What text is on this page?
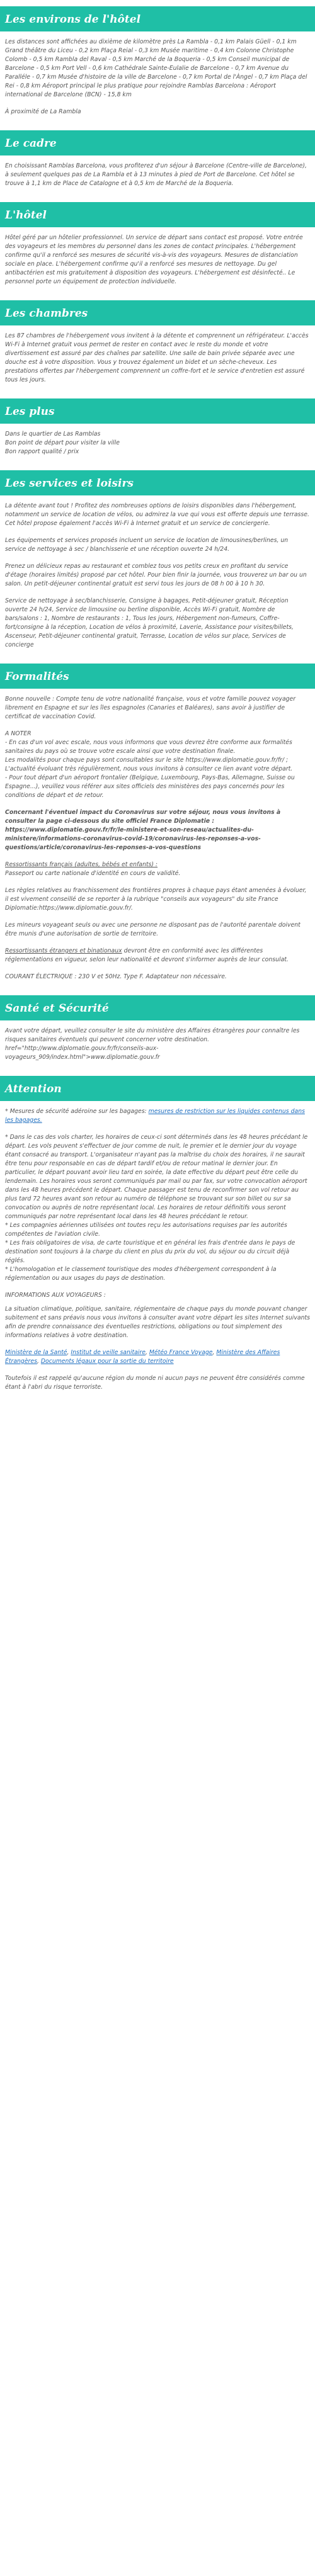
Les environs de l'hôtel

Les distances sont affichées au dixième de kilomètre près La Rambla - 0,1 km Palais Güell - 0,1 km Grand théâtre du Liceu - 0,2 km Plaça Reial - 0,3 km Musée maritime - 0,4 km Colonne Christophe Colomb - 0,5 km Rambla del Raval - 0,5 km Marché de la Boqueria - 0,5 km Conseil municipal de Barcelone - 0,5 km Port Vell - 0,6 km Cathédrale Sainte-Eulalie de Barcelone - 0,7 km Avenue du Paralléle - 0,7 km Musée d'histoire de la ville de Barcelone - 0,7 km Portal de l'Àngel - 0,7 km Plaça del Rei - 0,8 km Aéroport principal le plus pratique pour rejoindre Ramblas Barcelona : Aéroport international de Barcelone (BCN) - 15,8 km

À proximité de La Rambla

Le cadre

En choisissant Ramblas Barcelona, vous profiterez d'un séjour à Barcelone (Centre-ville de Barcelone), à seulement quelques pas de La Rambla et à 13 minutes à pied de Port de Barcelone. Cet hôtel se trouve à 1,1 km de Place de Catalogne et à 0,5 km de Marché de la Boqueria.

L'hôtel

Hôtel géré par un hôtelier professionnel. Un service de départ sans contact est proposé. Votre entrée des voyageurs et les membres du personnel dans les zones de contact principales. L'hébergement confirme qu'il a renforcé ses mesures de sécurité vis-à-vis des voyageurs. Mesures de distanciation sociale en place. L'hébergement confirme qu'il a renforcé ses mesures de nettoyage. Du gel antibactérien est mis gratuitement à disposition des voyageurs. L'hébergement est désinfecté.. Le personnel porte un équipement de protection individuelle.

Les chambres

Les 87 chambres de l'hébergement vous invitent à la détente et comprennent un réfrigérateur. L'accès Wi-Fi à Internet gratuit vous permet de rester en contact avec le reste du monde et votre divertissement est assuré par des chaînes par satellite. Une salle de bain privée séparée avec une douche est à votre disposition. Vous y trouvez également un bidet et un sèche-cheveux. Les prestations offertes par l'hébergement comprennent un coffre-fort et le service d'entretien est assuré tous les jours.

Les plus

Dans le quartier de Las Ramblas
Bon point de départ pour visiter la ville
Bon rapport qualité / prix

Les services et loisirs

La détente avant tout ! Profitez des nombreuses options de loisirs disponibles dans l'hébergement, notamment un service de location de vélos, ou admirez la vue qui vous est offerte depuis une terrasse. Cet hôtel propose également l'accès Wi-Fi à Internet gratuit et un service de conciergerie.

Les équipements et services proposés incluent un service de location de limousines/berlines, un service de nettoyage à sec / blanchisserie et une réception ouverte 24 h/24.

Prenez un délicieux repas au restaurant et comblez tous vos petits creux en profitant du service d'étage (horaires limités) proposé par cet hôtel. Pour bien finir la journée, vous trouverez un bar ou un salon. Un petit-déjeuner continental gratuit est servi tous les jours de 08 h 00 à 10 h 30.

Service de nettoyage à sec/blanchisserie, Consigne à bagages, Petit-déjeuner gratuit, Réception ouverte 24 h/24, Service de limousine ou berline disponible, Accès Wi-Fi gratuit, Nombre de bars/salons : 1, Nombre de restaurants : 1, Tous les jours, Hébergement non-fumeurs, Coffre-fort/consigne à la réception, Location de vélos à proximité, Laverie, Assistance pour visites/billets, Ascenseur, Petit-déjeuner continental gratuit, Terrasse, Location de vélos sur place, Services de concierge

Formalités

Bonne nouvelle : Compte tenu de votre nationalité française, vous et votre famille pouvez voyager librement en Espagne et sur les îles espagnoles (Canaries et Baléares), sans avoir à justifier de certificat de vaccination Covid.

A NOTER

- En cas d'un vol avec escale, nous vous informons que vous devrez être conforme aux formalités sanitaires du pays où se trouve votre escale ainsi que votre destination finale.
Les modalités pour chaque pays sont consultables sur le site https://www.diplomatie.gouv.fr/fr/ ; L'actualité évoluant très régulièrement, nous vous invitons à consulter ce lien avant votre départ.
- Pour tout départ d'un aéroport frontalier (Belgique, Luxembourg, Pays-Bas, Allemagne, Suisse ou Espagne...), veuillez vous référer aux sites officiels des ministères des pays concernés pour les conditions de départ et de retour.

Concernant l'éventuel impact du Coronavirus sur votre séjour, nous vous invitons à consulter la page ci-dessous du site officiel France Diplomatie : https://www.diplomatie.gouv.fr/fr/le-ministere-et-son-reseau/actualites-du-ministere/informations-coronavirus-covid-19/coronavirus-les-reponses-a-vos-questions/article/coronavirus-les-reponses-a-vos-questions

Ressortissants français (adultes, bébés et enfants) :

Passeport ou carte nationale d'identité en cours de validité.

Les règles relatives au franchissement des frontières propres à chaque pays étant amenées à évoluer, il est vivement conseillé de se reporter à la rubrique "conseils aux voyageurs" du site France Diplomatie:https://www.diplomatie.gouv.fr/.

Les mineurs voyageant seuls ou avec une personne ne disposant pas de l'autorité parentale doivent être munis d'une autorisation de sortie de territoire.

Ressortissants étrangers et binationaux devront être en conformité avec les différentes réglementations en vigueur, selon leur nationalité et devront s'informer auprès de leur consulat.

COURANT ÉLECTRIQUE : 230 V et 50Hz. Type F. Adaptateur non nécessaire.

Santé et Sécurité

Avant votre départ, veuillez consulter le site du ministère des Affaires étrangères pour connaître les risques sanitaires éventuels qui peuvent concerner votre destination. href="http://www.diplomatie.gouv.fr/fr/conseils-aux-voyageurs_909/index.html">www.diplomatie.gouv.fr

Attention

* Mesures de sécurité adéroine sur les bagages: mesures de restriction sur les liquides contenus dans les bagages.

* Dans le cas des vols charter, les horaires de ceux-ci sont déterminés dans les 48 heures précédant le départ. Les vols peuvent s'effectuer de jour comme de nuit, le premier et le dernier jour du voyage étant consacré au transport. L'organisateur n'ayant pas la maîtrise du choix des horaires, il ne saurait être tenu pour responsable en cas de départ tardif et/ou de retour matinal le dernier jour. En particulier, le départ pouvant avoir lieu tard en soirée, la date effective du départ peut être celle du lendemain. Les horaires vous seront communiqués par mail ou par fax, sur votre convocation aéroport dans les 48 heures précédent le départ. Chaque passager est tenu de reconfirmer son vol retour au plus tard 72 heures avant son retour au numéro de téléphone se trouvant sur son billet ou sur sa convocation ou auprès de notre représentant local. Les horaires de retour définitifs vous seront communiqués par notre représentant local dans les 48 heures précédant le retour.
* Les compagnies aériennes utilisées ont toutes reçu les autorisations requises par les autorités compétentes de l'aviation civile.
* Les frais obligatoires de visa, de carte touristique et en général les frais d'entrée dans le pays de destination sont toujours à la charge du client en plus du prix du vol, du séjour ou du circuit déjà réglés.
* L'homologation et le classement touristique des modes d'hébergement correspondent à la réglementation ou aux usages du pays de destination.

INFORMATIONS AUX VOYAGEURS :

La situation climatique, politique, sanitaire, réglementaire de chaque pays du monde pouvant changer subitement et sans préavis nous vous invitons à consulter avant votre départ les sites Internet suivants afin de prendre connaissance des éventuelles restrictions, obligations ou tout simplement des informations relatives à votre destination.

Ministère de la Santé, Institut de veille sanitaire, Météo France Voyage, Ministère des Affaires Étrangères, Documents légaux pour la sortie du territoire

Toutefois il est rappelé qu'aucune région du monde ni aucun pays ne peuvent être considérés comme étant à l'abri du risque terroriste.
